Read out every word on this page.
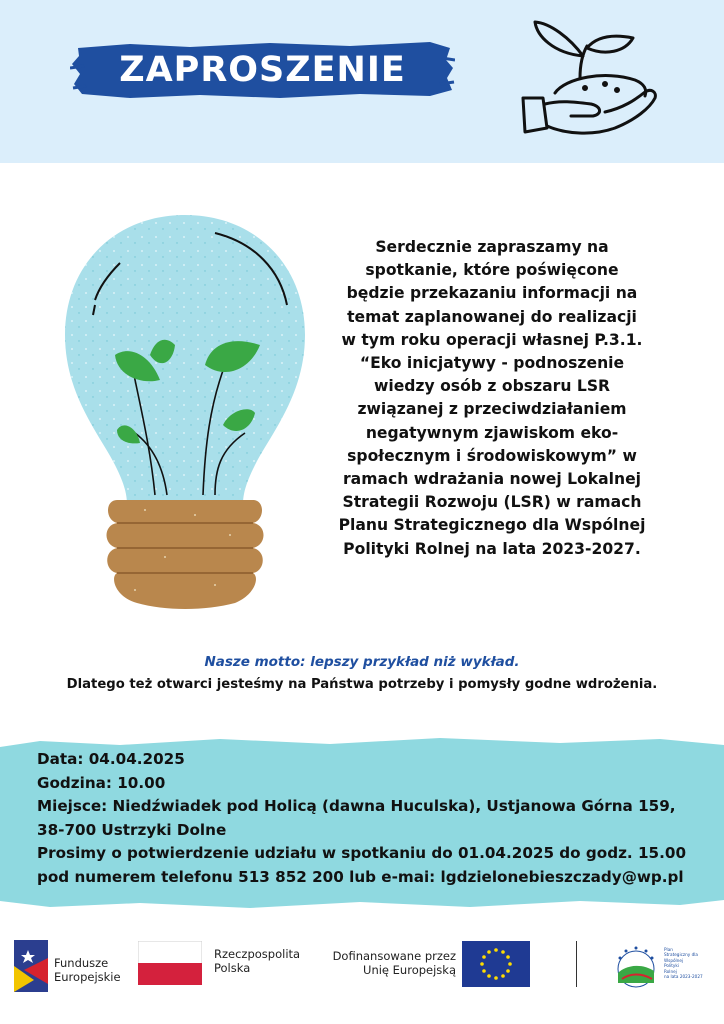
ZAPROSZENIE
Serdecznie zapraszamy na
spotkanie, które poświęcone
będzie przekazaniu informacji na
temat zaplanowanej do realizacji
w tym roku operacji własnej P.3.1.
“Eko inicjatywy - podnoszenie
wiedzy osób z obszaru LSR
związanej z przeciwdziałaniem
negatywnym zjawiskom eko-
społecznym i środowiskowym” w
ramach wdrażania nowej Lokalnej
Strategii Rozwoju (LSR) w ramach
Planu Strategicznego dla Wspólnej
Polityki Rolnej na lata 2023-2027.
Nasze motto: lepszy przykład niż wykład.
Dlatego też otwarci jesteśmy na Państwa potrzeby i pomysły godne wdrożenia.
Data: 04.04.2025
Godzina: 10.00
Miejsce: Niedźwiadek pod Holicą (dawna Huculska), Ustjanowa Górna 159,
38-700 Ustrzyki Dolne
Prosimy o potwierdzenie udziału w spotkaniu do 01.04.2025 do godz. 15.00
pod numerem telefonu 513 852 200 lub e-mai: lgdzielonebieszczady@wp.pl
Fundusze
Europejskie
Rzeczpospolita
Polska
Dofinansowane przez
Unię Europejską
Plan
Strategiczny dla
Wspólnej
Polityki
Rolnej
na lata 2023-2027
